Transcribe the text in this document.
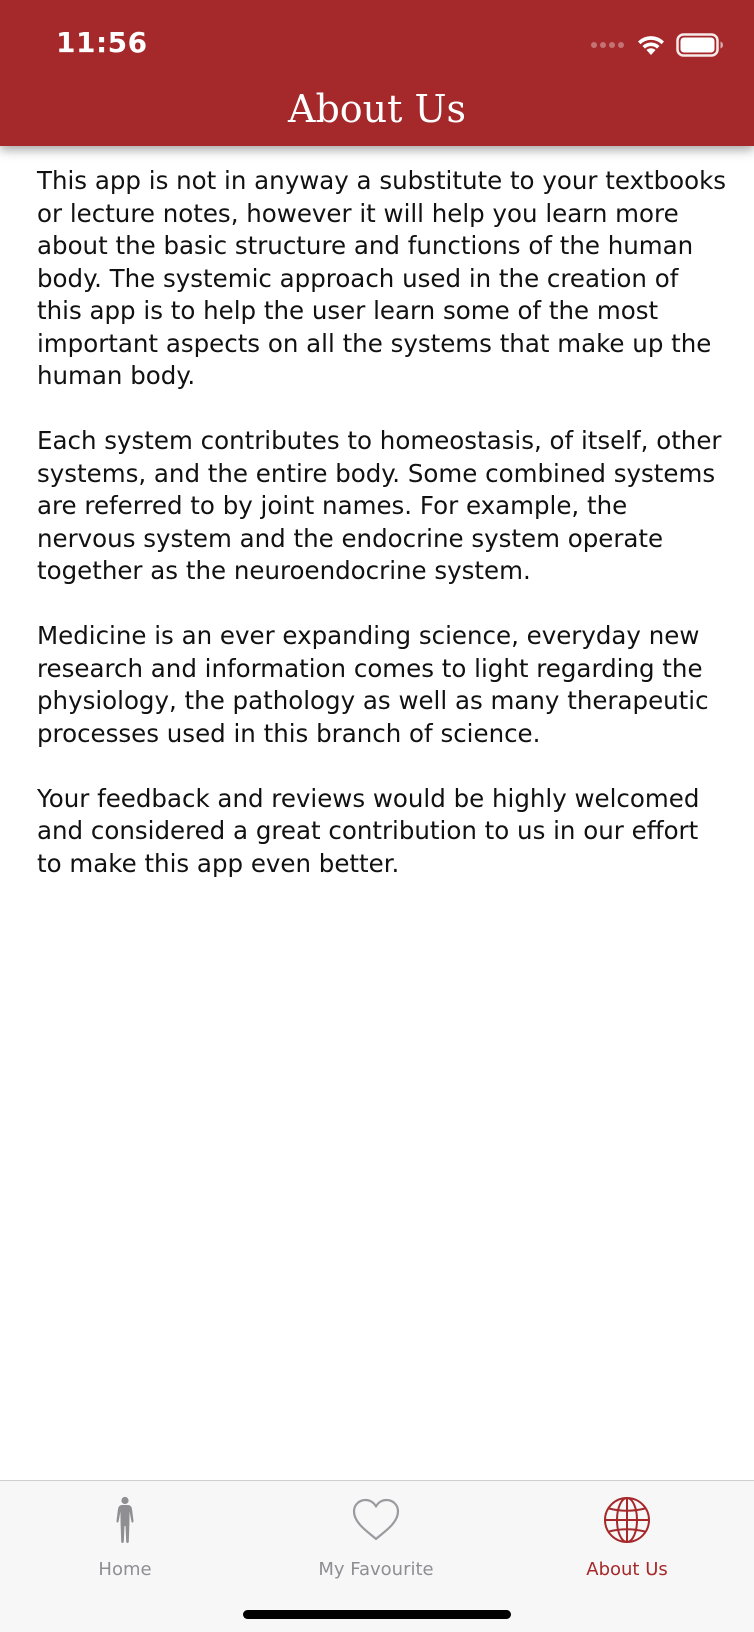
11:56
About Us

This app is not in anyway a substitute to your textbooks or lecture notes, however it will help you learn more about the basic structure and functions of the human body. The systemic approach used in the creation of this app is to help the user learn some of the most important aspects on all the systems that make up the human body.

Each system contributes to homeostasis, of itself, other systems, and the entire body. Some combined systems are referred to by joint names. For example, the nervous system and the endocrine system operate together as the neuroendocrine system.

Medicine is an ever expanding science, everyday new research and information comes to light regarding the physiology, the pathology as well as many therapeutic processes used in this branch of science.

Your feedback and reviews would be highly welcomed and considered a great contribution to us in our effort to make this app even better.

Home	My Favourite	About Us
